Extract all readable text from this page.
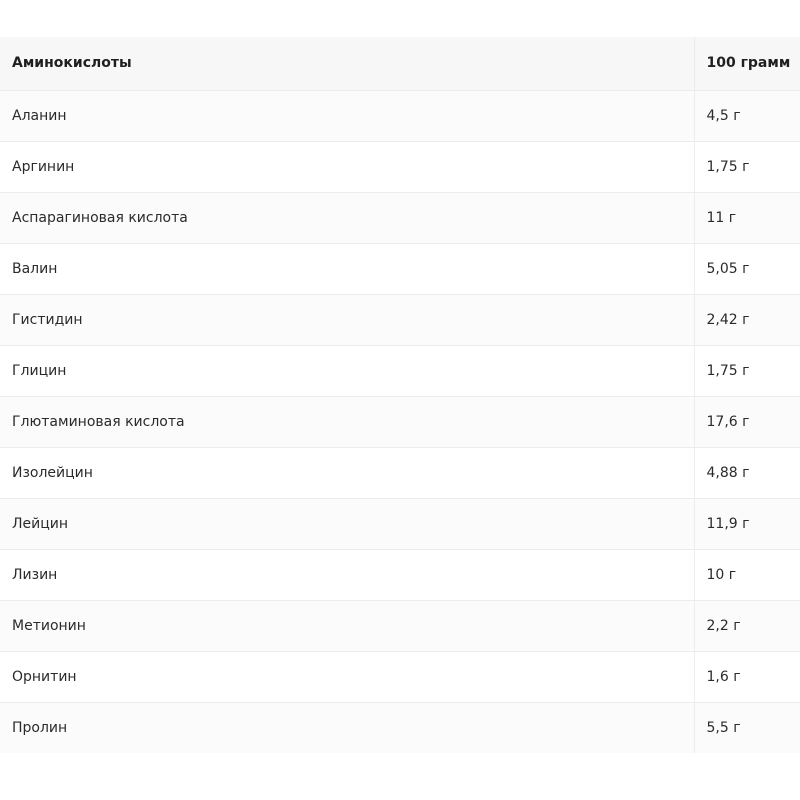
Аминокислоты	100 грамм
Аланин	4,5 г
Аргинин	1,75 г
Аспарагиновая кислота	11 г
Валин	5,05 г
Гистидин	2,42 г
Глицин	1,75 г
Глютаминовая кислота	17,6 г
Изолейцин	4,88 г
Лейцин	11,9 г
Лизин	10 г
Метионин	2,2 г
Орнитин	1,6 г
Пролин	5,5 г
